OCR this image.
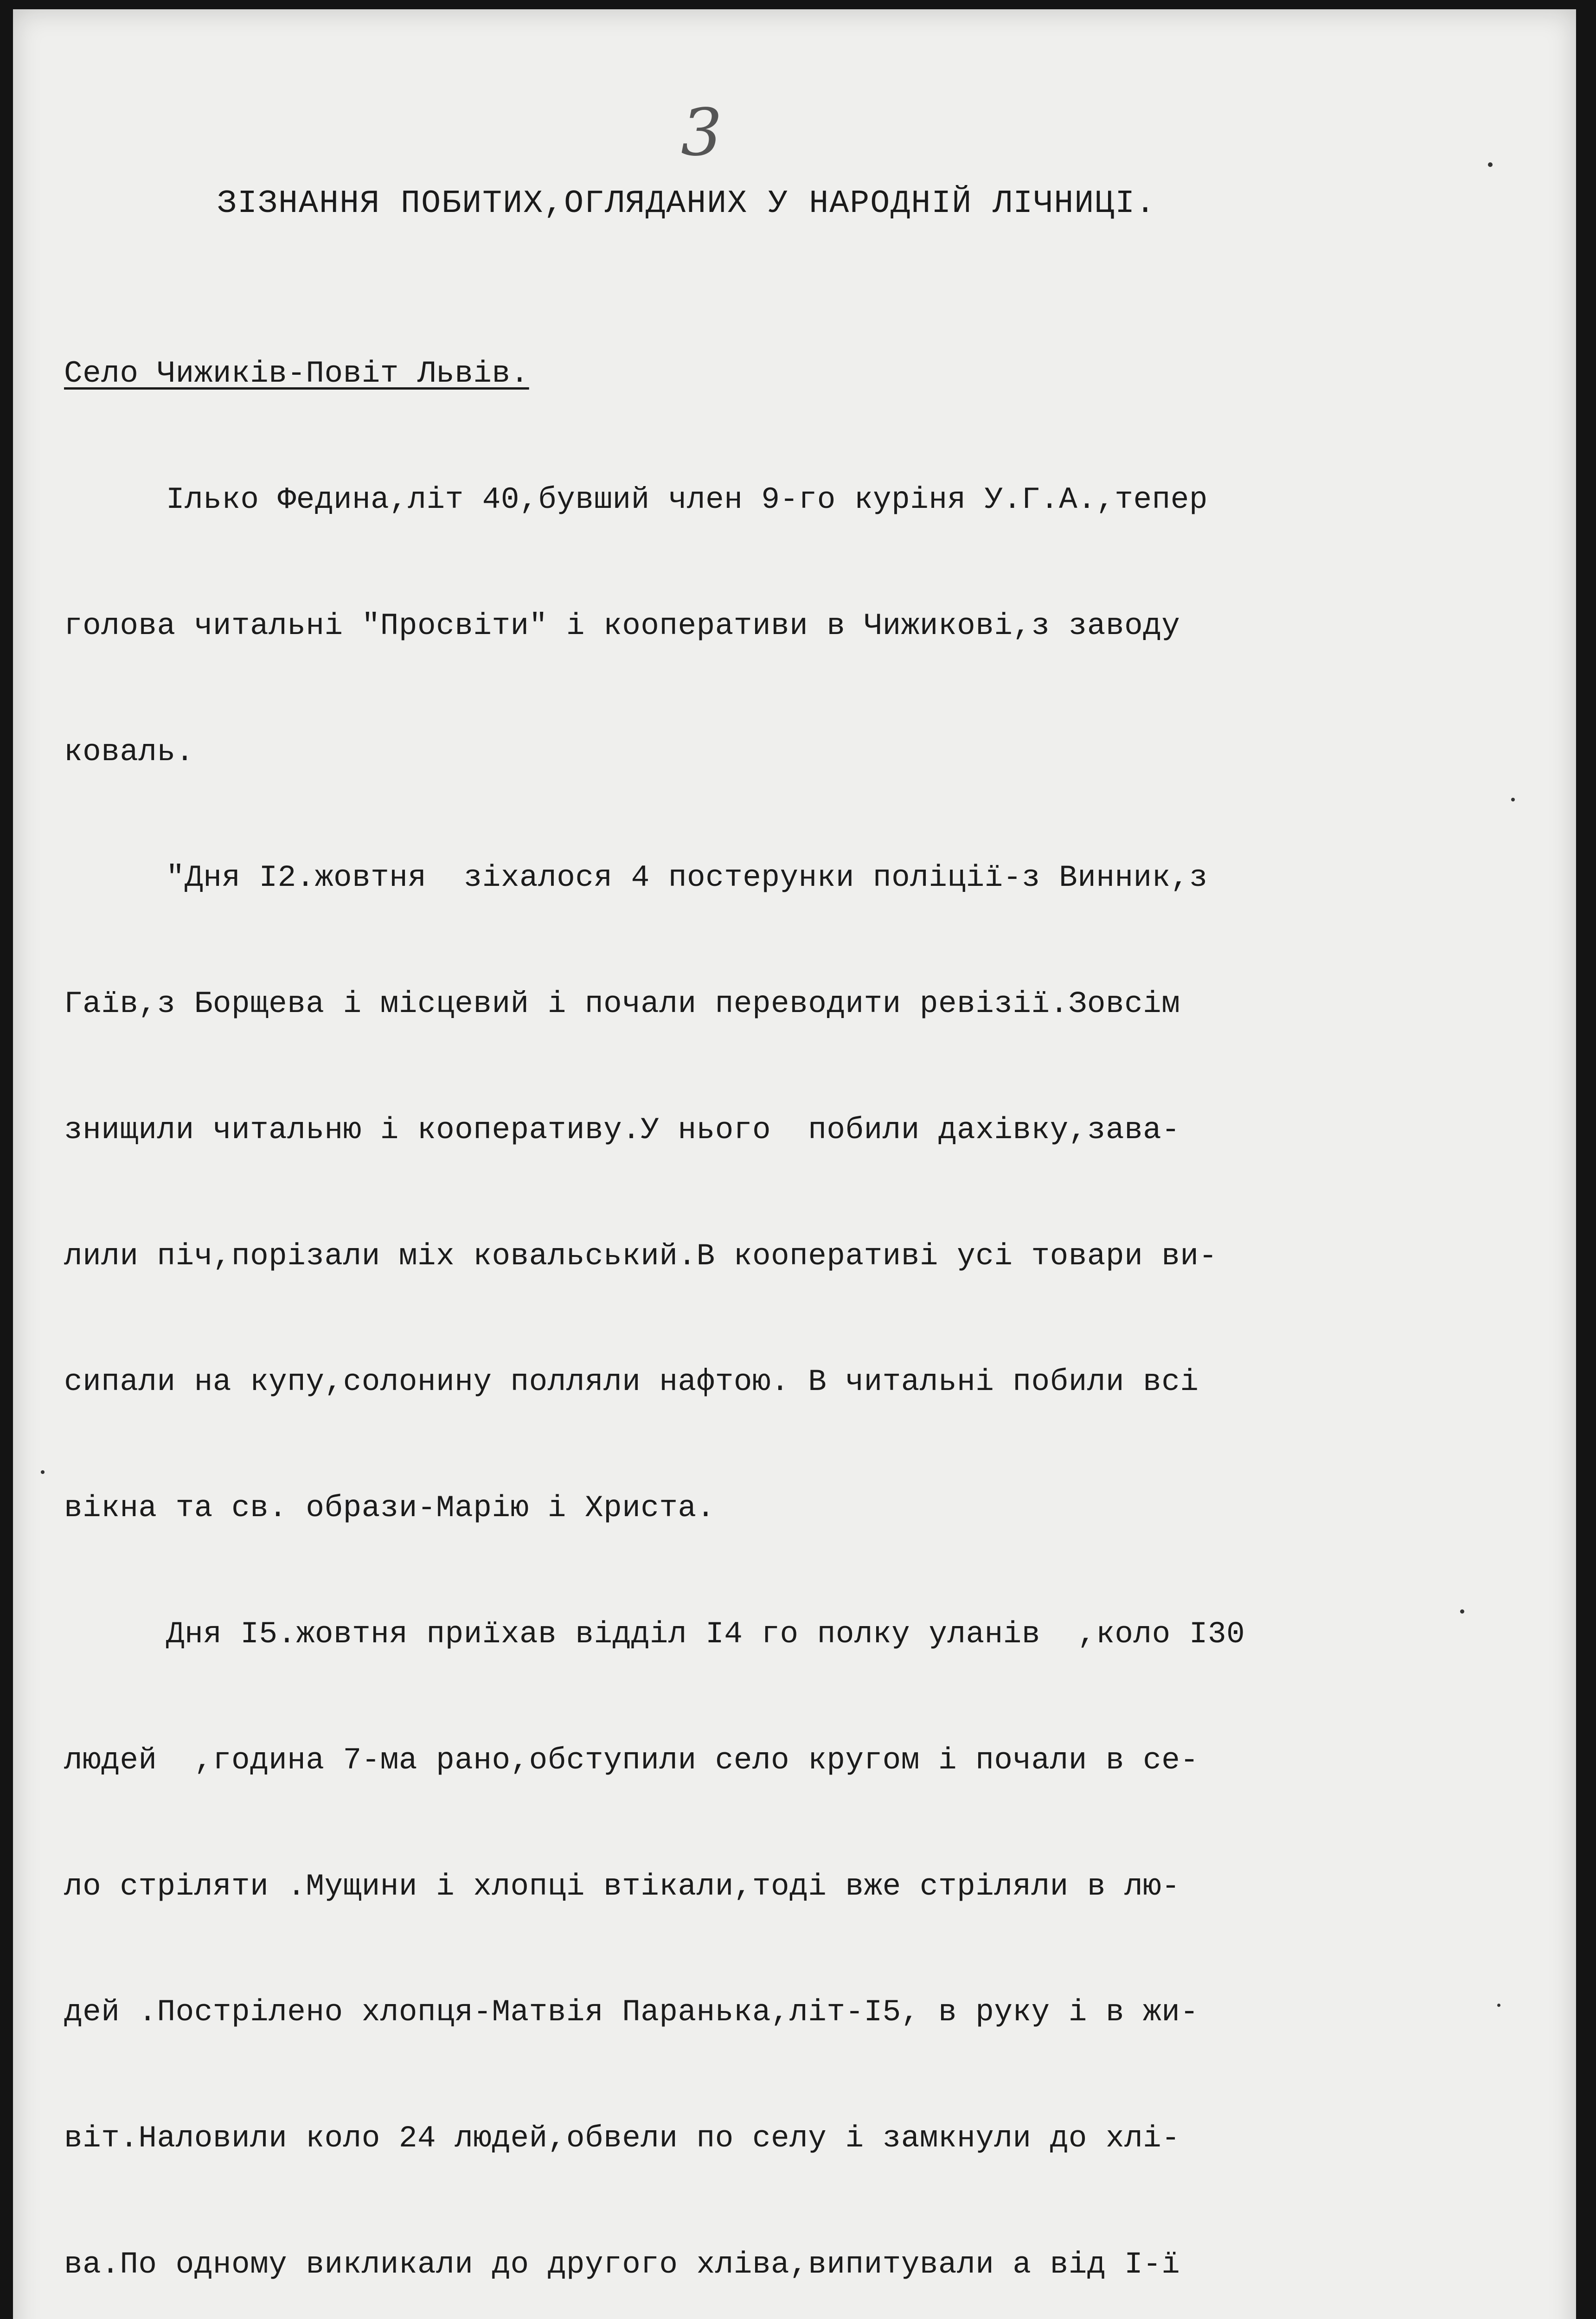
3
ЗІЗНАННЯ ПОБИТИХ,ОГЛЯДАНИХ У НАРОДНІЙ ЛІЧНИЦІ.

Село Чижиків-Повіт Львів.

Ілько Федина,літ 40,бувший член 9-го куріня У.Г.А.,тепер

голова читальні "Просвіти" і кооперативи в Чижикові,з заводу

коваль.

"Дня I2.жовтня  зіхалося 4 постерунки поліції-з Винник,з

Гаїв,з Борщева і місцевий і почали переводити ревізії.Зовсім

знищили читальню і кооперативу.У нього  побили дахівку,зава-

лили піч,порізали міх ковальський.В кооперативі усі товари ви-

сипали на купу,солонину полляли нафтою. В читальні побили всі

вікна та св. образи-Марію і Христа.

Дня I5.жовтня приїхав відділ I4 го полку уланів  ,коло I30

людей  ,година 7-ма рано,обступили село кругом і почали в се-

ло стріляти .Мущини і хлопці втікали,тоді вже стріляли в лю-

дей .Пострілено хлопця-Матвія Паранька,літ-I5, в руку і в жи-

віт.Наловили коло 24 людей,обвели по селу і замкнули до хлі-

ва.По одному викликали до другого хліва,випитували а від I-ї
